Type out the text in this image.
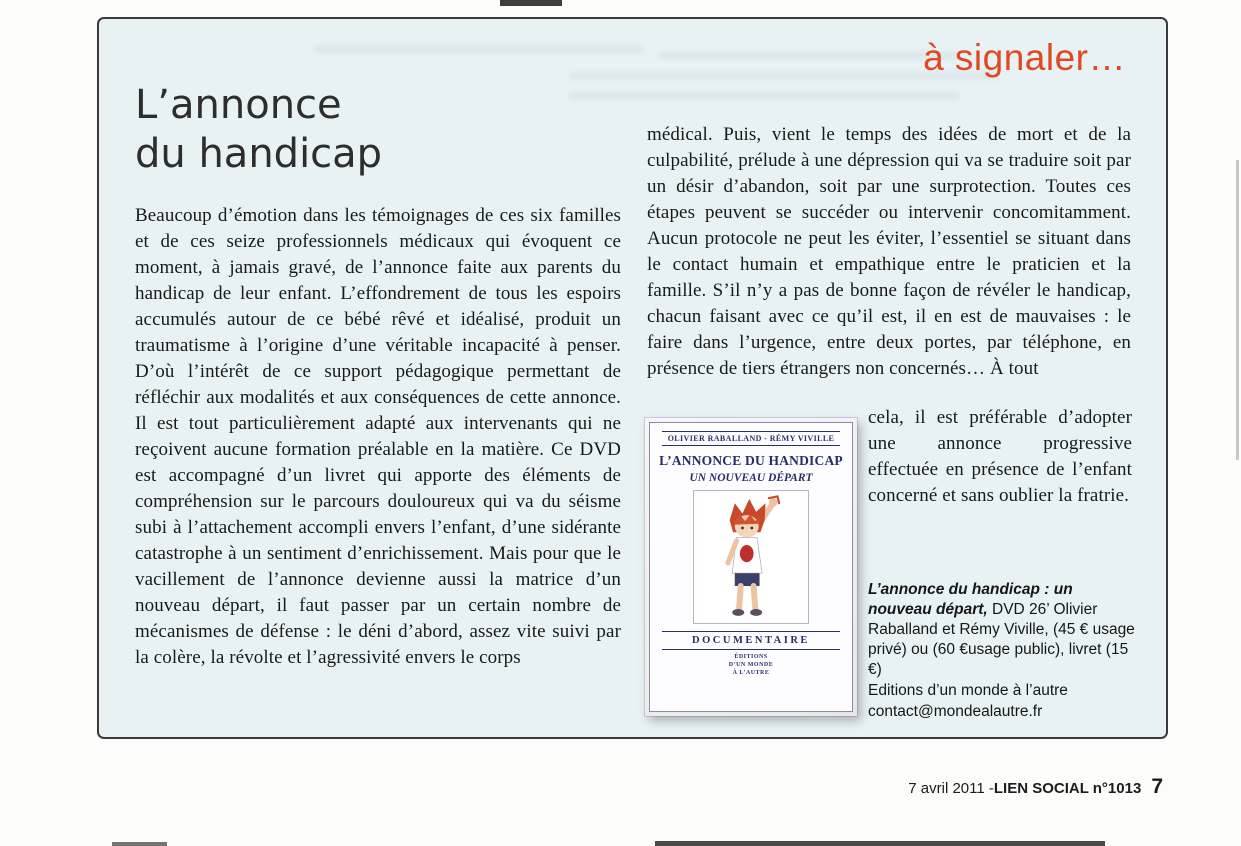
à signaler…
L’annonce
du handicap

Beaucoup d’émotion dans les témoignages de ces six familles et de ces seize professionnels médicaux qui évoquent ce moment, à jamais gravé, de l’annonce faite aux parents du handicap de leur enfant. L’effondrement de tous les espoirs accumulés autour de ce bébé rêvé et idéalisé, produit un traumatisme à l’origine d’une véritable incapacité à penser. D’où l’intérêt de ce support pédagogique permettant de réfléchir aux modalités et aux conséquences de cette annonce. Il est tout particulièrement adapté aux intervenants qui ne reçoivent aucune formation préalable en la matière. Ce DVD est accompagné d’un livret qui apporte des éléments de compréhension sur le parcours douloureux qui va du séisme subi à l’attachement accompli envers l’enfant, d’une sidérante catastrophe à un sentiment d’enrichissement. Mais pour que le vacillement de l’annonce devienne aussi la matrice d’un nouveau départ, il faut passer par un certain nombre de mécanismes de défense : le déni d’abord, assez vite suivi par la colère, la révolte et l’agressivité envers le corps

médical. Puis, vient le temps des idées de mort et de la culpabilité, prélude à une dépression qui va se traduire soit par un désir d’abandon, soit par une surprotection. Toutes ces étapes peuvent se succéder ou intervenir concomitamment. Aucun protocole ne peut les éviter, l’essentiel se situant dans le contact humain et empathique entre le praticien et la famille. S’il n’y a pas de bonne façon de révéler le handicap, chacun faisant avec ce qu’il est, il en est de mauvaises : le faire dans l’urgence, entre deux portes, par téléphone, en présence de tiers étrangers non concernés… À tout

OLIVIER RABALLAND - RÉMY VIVILLE
L’ANNONCE DU HANDICAP
UN NOUVEAU DÉPART
DOCUMENTAIRE
ÉDITIONS
D’UN MONDE
À L’AUTRE

cela, il est préférable d’adopter une annonce progressive effectuée en présence de l’enfant concerné et sans oublier la fratrie.

L’annonce du handicap : un nouveau départ, DVD 26’ Olivier Raballand et Rémy Viville, (45 € usage privé) ou (60 €usage public), livret (15 €)
Editions d’un monde à l’autre
contact@mondealautre.fr
7 avril 2011 - LIEN SOCIAL n°1013 7
